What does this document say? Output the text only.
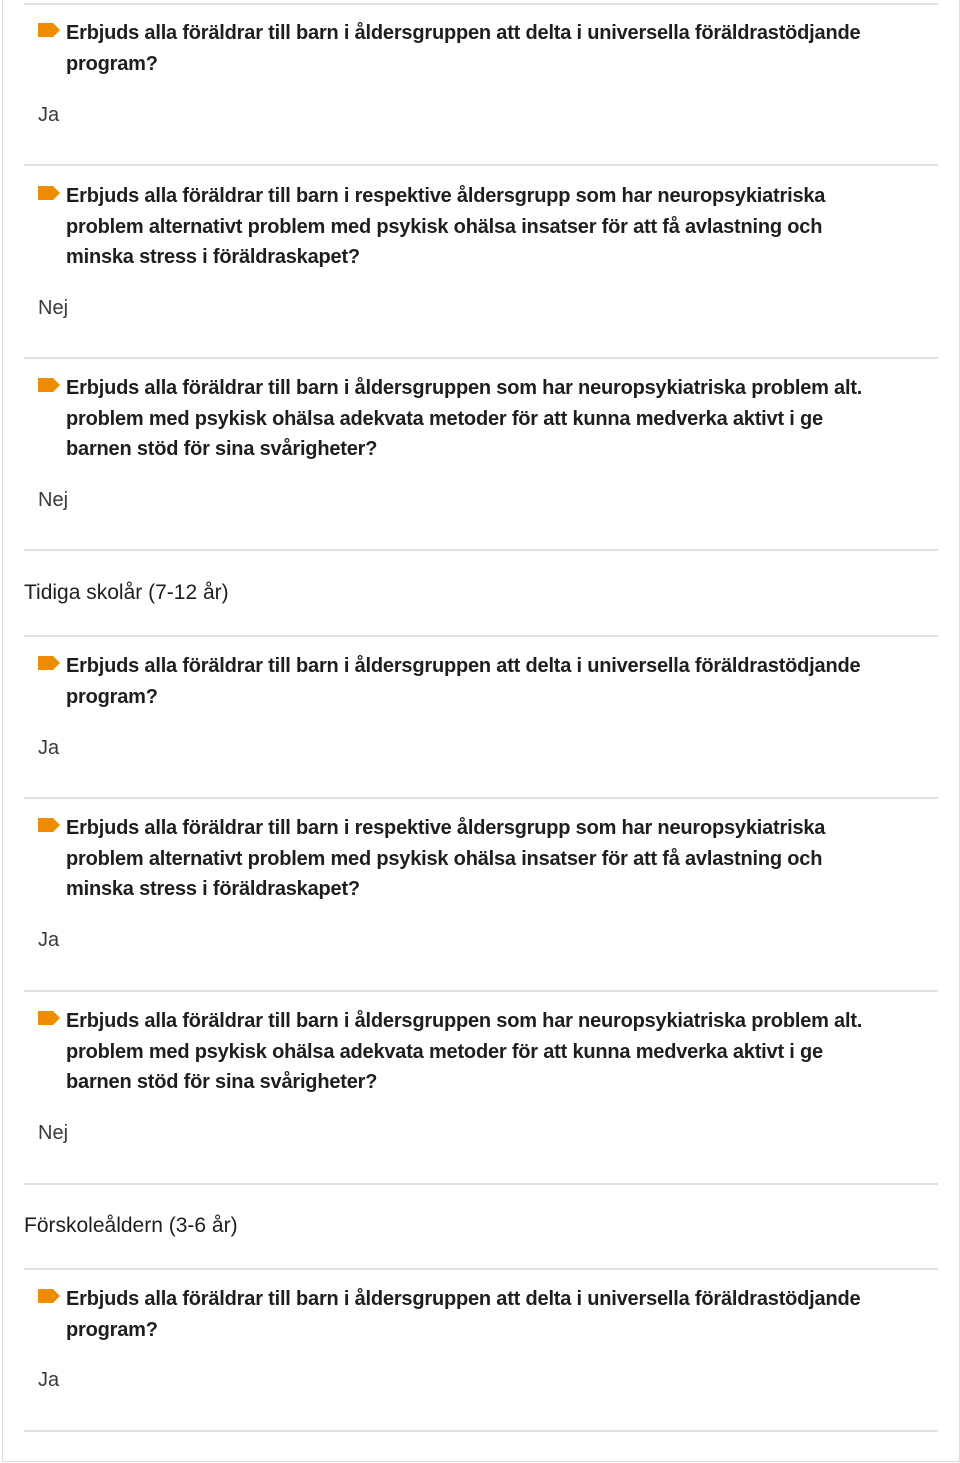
Erbjuds alla föräldrar till barn i åldersgruppen att delta i universella föräldrastödjande program?
Ja
Erbjuds alla föräldrar till barn i respektive åldersgrupp som har neuropsykiatriska problem alternativt problem med psykisk ohälsa insatser för att få avlastning och minska stress i föräldraskapet?
Nej
Erbjuds alla föräldrar till barn i åldersgruppen som har neuropsykiatriska problem alt. problem med psykisk ohälsa adekvata metoder för att kunna medverka aktivt i ge barnen stöd för sina svårigheter?
Nej
Tidiga skolår (7-12 år)
Erbjuds alla föräldrar till barn i åldersgruppen att delta i universella föräldrastödjande program?
Ja
Erbjuds alla föräldrar till barn i respektive åldersgrupp som har neuropsykiatriska problem alternativt problem med psykisk ohälsa insatser för att få avlastning och minska stress i föräldraskapet?
Ja
Erbjuds alla föräldrar till barn i åldersgruppen som har neuropsykiatriska problem alt. problem med psykisk ohälsa adekvata metoder för att kunna medverka aktivt i ge barnen stöd för sina svårigheter?
Nej
Förskoleåldern (3-6 år)
Erbjuds alla föräldrar till barn i åldersgruppen att delta i universella föräldrastödjande program?
Ja
